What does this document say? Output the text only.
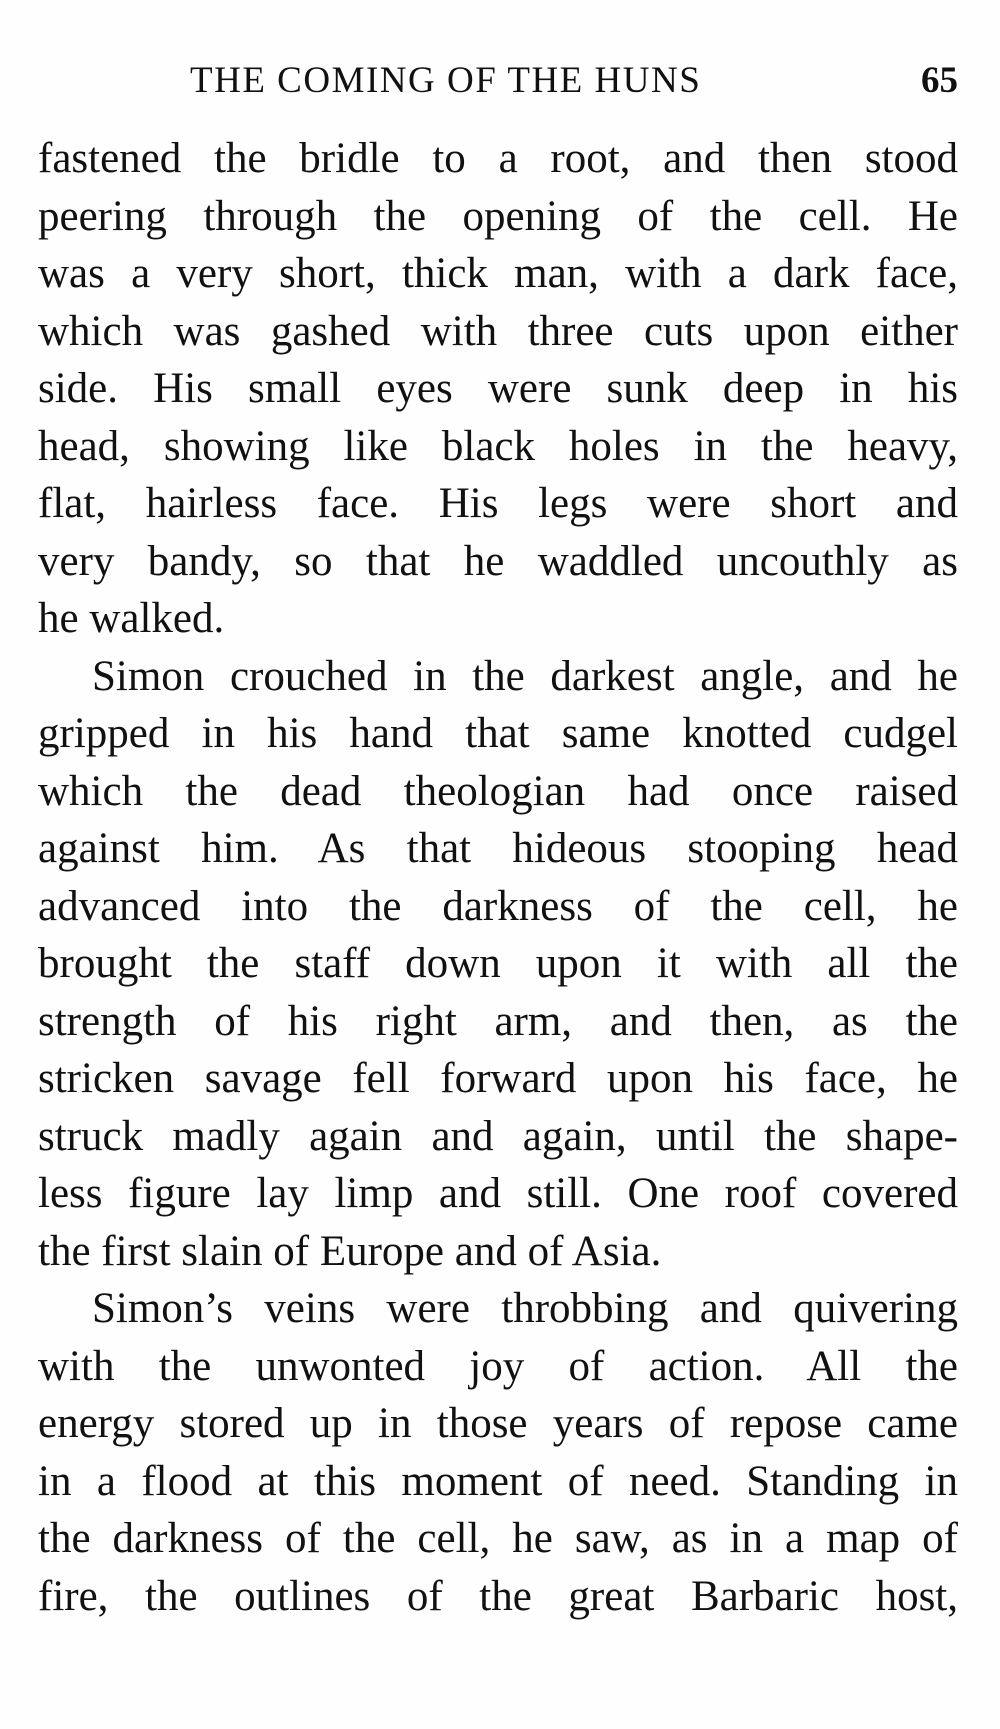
THE COMING OF THE HUNS	65
fastened the bridle to a root, and then stood
peering through the opening of the cell. He
was a very short, thick man, with a dark face,
which was gashed with three cuts upon either
side. His small eyes were sunk deep in his
head, showing like black holes in the heavy,
flat, hairless face. His legs were short and
very bandy, so that he waddled uncouthly as
he walked.
Simon crouched in the darkest angle, and he
gripped in his hand that same knotted cudgel
which the dead theologian had once raised
against him. As that hideous stooping head
advanced into the darkness of the cell, he
brought the staff down upon it with all the
strength of his right arm, and then, as the
stricken savage fell forward upon his face, he
struck madly again and again, until the shape-
less figure lay limp and still. One roof covered
the first slain of Europe and of Asia.
Simon’s veins were throbbing and quivering
with the unwonted joy of action. All the
energy stored up in those years of repose came
in a flood at this moment of need. Standing in
the darkness of the cell, he saw, as in a map of
fire, the outlines of the great Barbaric host,
